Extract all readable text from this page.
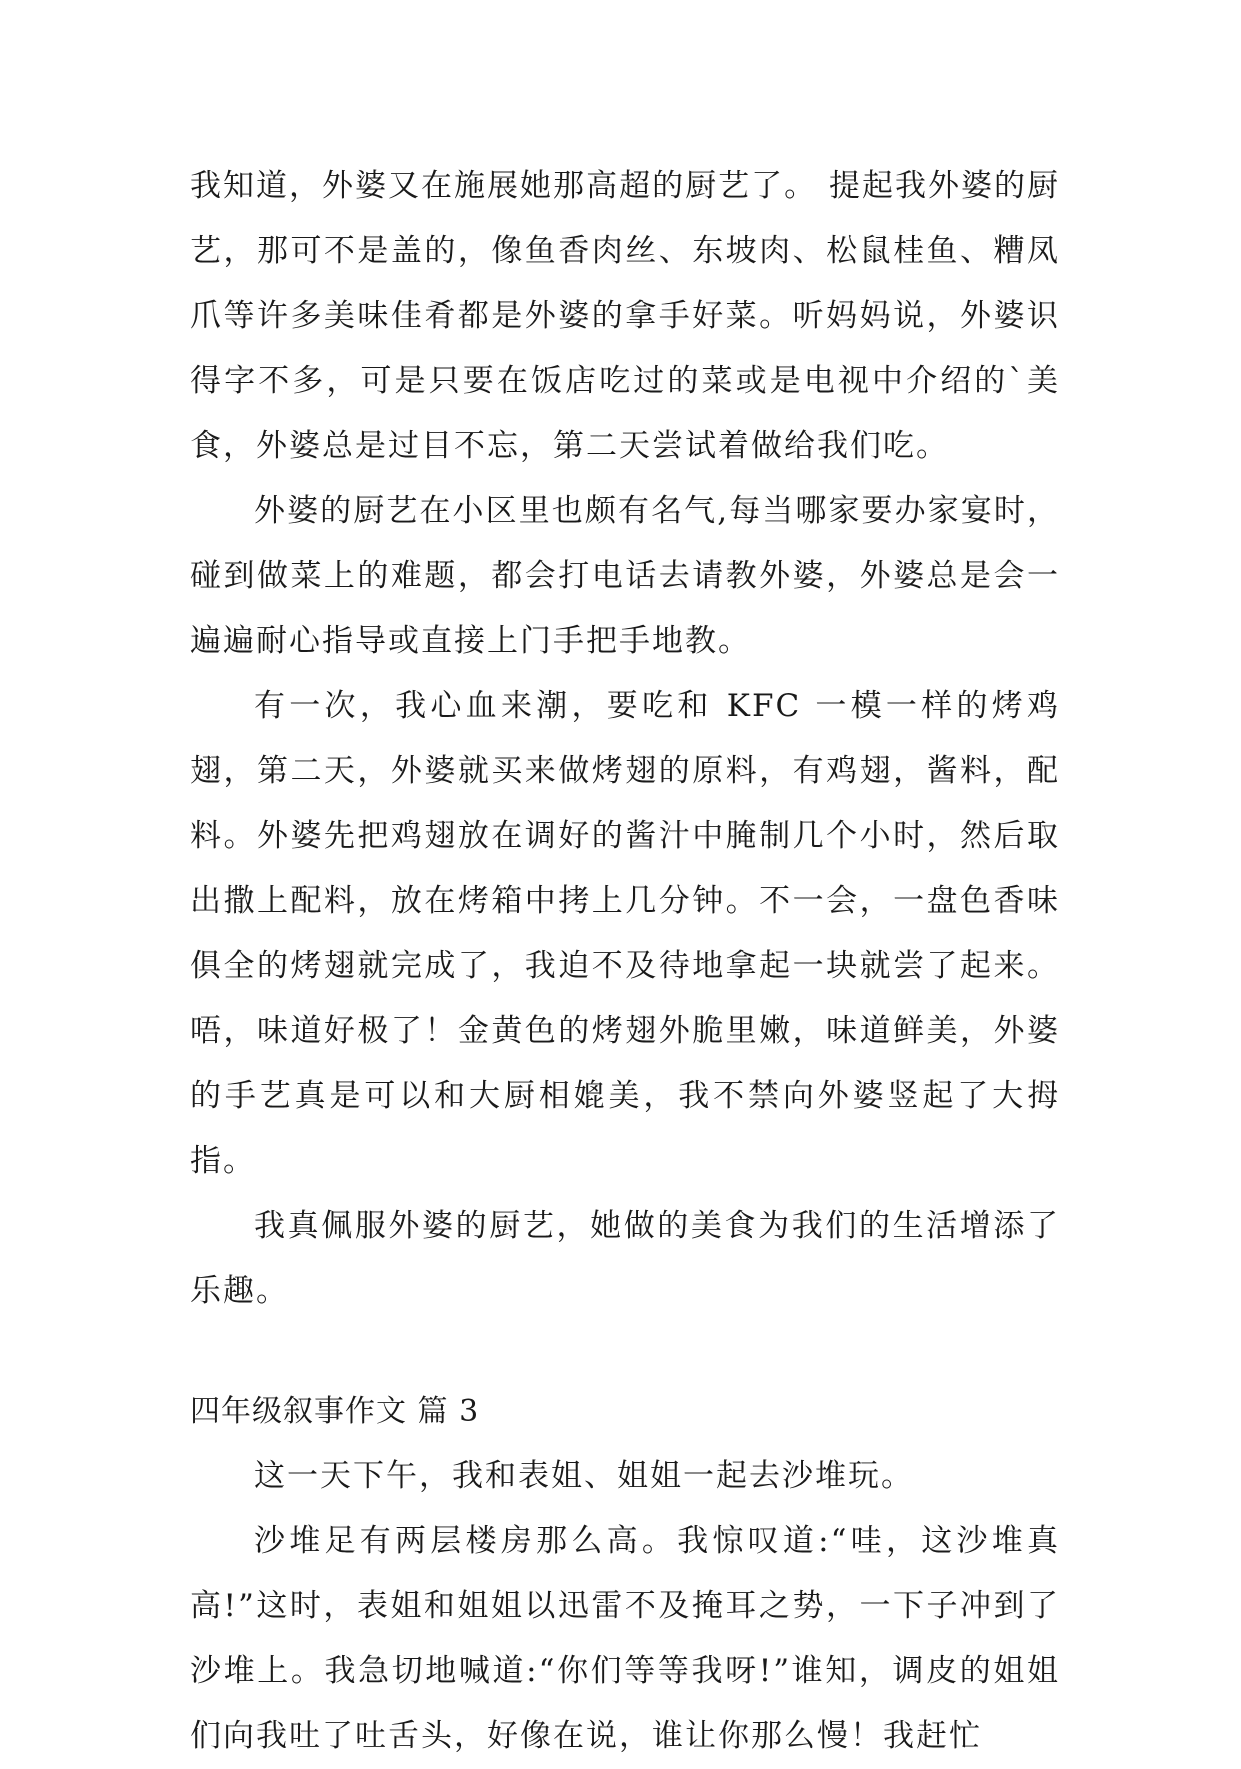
我知道，外婆又在施展她那高超的厨艺了。 提起我外婆的厨艺，那可不是盖的，像鱼香肉丝、东坡肉、松鼠桂鱼、糟凤爪等许多美味佳肴都是外婆的拿手好菜。听妈妈说，外婆识得字不多，可是只要在饭店吃过的菜或是电视中介绍的`美食，外婆总是过目不忘，第二天尝试着做给我们吃。

外婆的厨艺在小区里也颇有名气,每当哪家要办家宴时，碰到做菜上的难题，都会打电话去请教外婆，外婆总是会一遍遍耐心指导或直接上门手把手地教。

有一次，我心血来潮，要吃和 KFC 一模一样的烤鸡翅，第二天，外婆就买来做烤翅的原料，有鸡翅，酱料，配料。外婆先把鸡翅放在调好的酱汁中腌制几个小时，然后取出撒上配料，放在烤箱中拷上几分钟。不一会，一盘色香味俱全的烤翅就完成了，我迫不及待地拿起一块就尝了起来。唔，味道好极了！金黄色的烤翅外脆里嫩，味道鲜美，外婆的手艺真是可以和大厨相媲美，我不禁向外婆竖起了大拇指。

我真佩服外婆的厨艺，她做的美食为我们的生活增添了乐趣。

四年级叙事作文 篇 3

这一天下午，我和表姐、姐姐一起去沙堆玩。

沙堆足有两层楼房那么高。我惊叹道:“哇，这沙堆真高!”这时，表姐和姐姐以迅雷不及掩耳之势，一下子冲到了沙堆上。我急切地喊道:“你们等等我呀!”谁知，调皮的姐姐们向我吐了吐舌头，好像在说，谁让你那么慢！我赶忙
